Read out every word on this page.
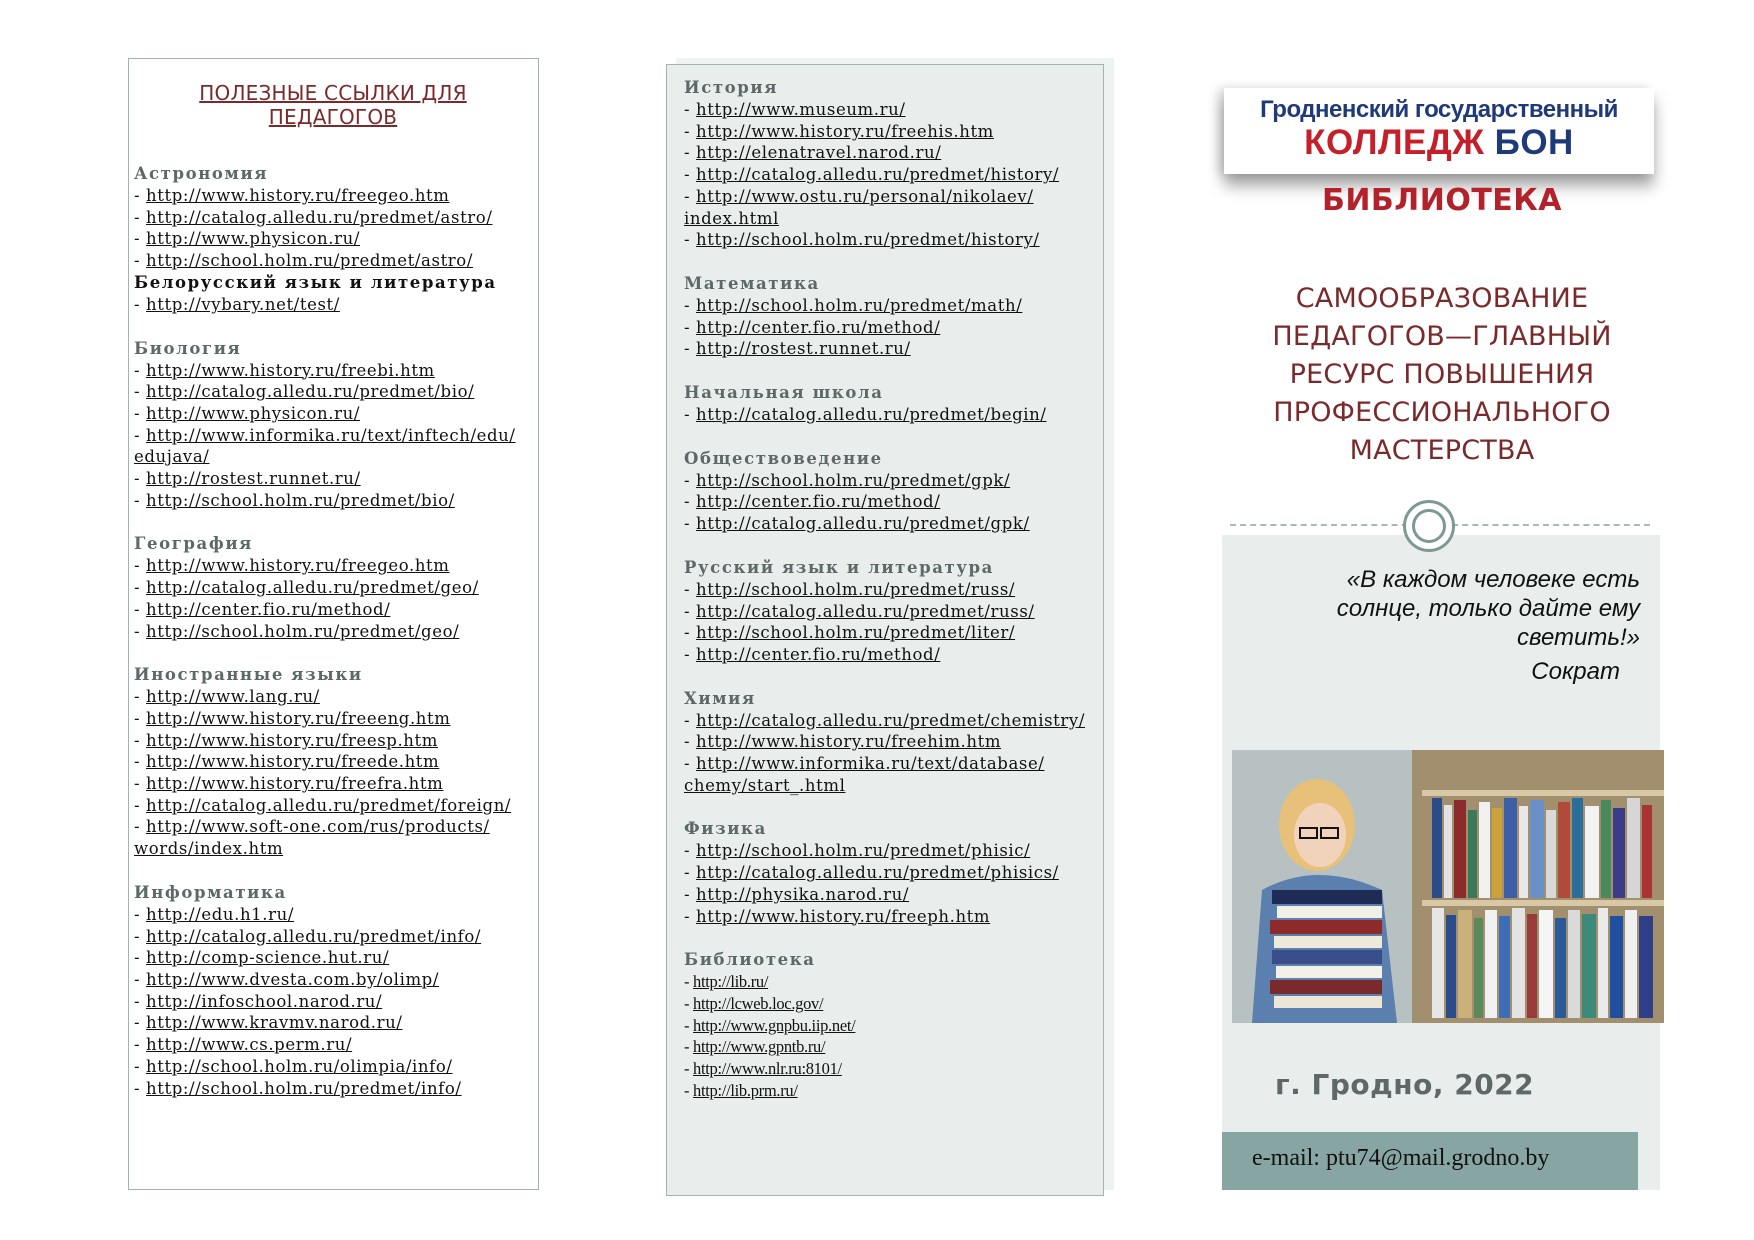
ПОЛЕЗНЫЕ ССЫЛКИ ДЛЯ ПЕДАГОГОВ
Астрономия
- http://www.history.ru/freegeo.htm
- http://catalog.alledu.ru/predmet/astro/
- http://www.physicon.ru/
- http://school.holm.ru/predmet/astro/
Белорусский язык и литература
- http://vybary.net/test/
Биология
- http://www.history.ru/freebi.htm
- http://catalog.alledu.ru/predmet/bio/
- http://www.physicon.ru/
- http://www.informika.ru/text/inftech/edu/
edujava/
- http://rostest.runnet.ru/
- http://school.holm.ru/predmet/bio/
География
- http://www.history.ru/freegeo.htm
- http://catalog.alledu.ru/predmet/geo/
- http://center.fio.ru/method/
- http://school.holm.ru/predmet/geo/
Иностранные языки
- http://www.lang.ru/
- http://www.history.ru/freeeng.htm
- http://www.history.ru/freesp.htm
- http://www.history.ru/freede.htm
- http://www.history.ru/freefra.htm
- http://catalog.alledu.ru/predmet/foreign/
- http://www.soft-one.com/rus/products/
words/index.htm
Информатика
- http://edu.h1.ru/
- http://catalog.alledu.ru/predmet/info/
- http://comp-science.hut.ru/
- http://www.dvesta.com.by/olimp/
- http://infoschool.narod.ru/
- http://www.kravmv.narod.ru/
- http://www.cs.perm.ru/
- http://school.holm.ru/olimpia/info/
- http://school.holm.ru/predmet/info/
История
- http://www.museum.ru/
- http://www.history.ru/freehis.htm
- http://elenatravel.narod.ru/
- http://catalog.alledu.ru/predmet/history/
- http://www.ostu.ru/personal/nikolaev/
index.html
- http://school.holm.ru/predmet/history/
Математика
- http://school.holm.ru/predmet/math/
- http://center.fio.ru/method/
- http://rostest.runnet.ru/
Начальная школа
- http://catalog.alledu.ru/predmet/begin/
Обществоведение
- http://school.holm.ru/predmet/gpk/
- http://center.fio.ru/method/
- http://catalog.alledu.ru/predmet/gpk/
Русский язык и литература
- http://school.holm.ru/predmet/russ/
- http://catalog.alledu.ru/predmet/russ/
- http://school.holm.ru/predmet/liter/
- http://center.fio.ru/method/
Химия
- http://catalog.alledu.ru/predmet/chemistry/
- http://www.history.ru/freehim.htm
- http://www.informika.ru/text/database/
chemy/start_.html
Физика
- http://school.holm.ru/predmet/phisic/
- http://catalog.alledu.ru/predmet/phisics/
- http://physika.narod.ru/
- http://www.history.ru/freeph.htm
Библиотека
- http://lib.ru/
- http://lcweb.loc.gov/
- http://www.gnpbu.iip.net/
- http://www.gpntb.ru/
- http://www.nlr.ru:8101/
- http://lib.prm.ru/
Гродненский государственный
КОЛЛЕДЖ БОН
БИБЛИОТЕКА
САМООБРАЗОВАНИЕ
ПЕДАГОГОВ—ГЛАВНЫЙ
РЕСУРС ПОВЫШЕНИЯ
ПРОФЕССИОНАЛЬНОГО
МАСТЕРСТВА
«В каждом человеке есть
солнце, только дайте ему
светить!»
Сократ
г. Гродно, 2022
e-mail: ptu74@mail.grodno.by
